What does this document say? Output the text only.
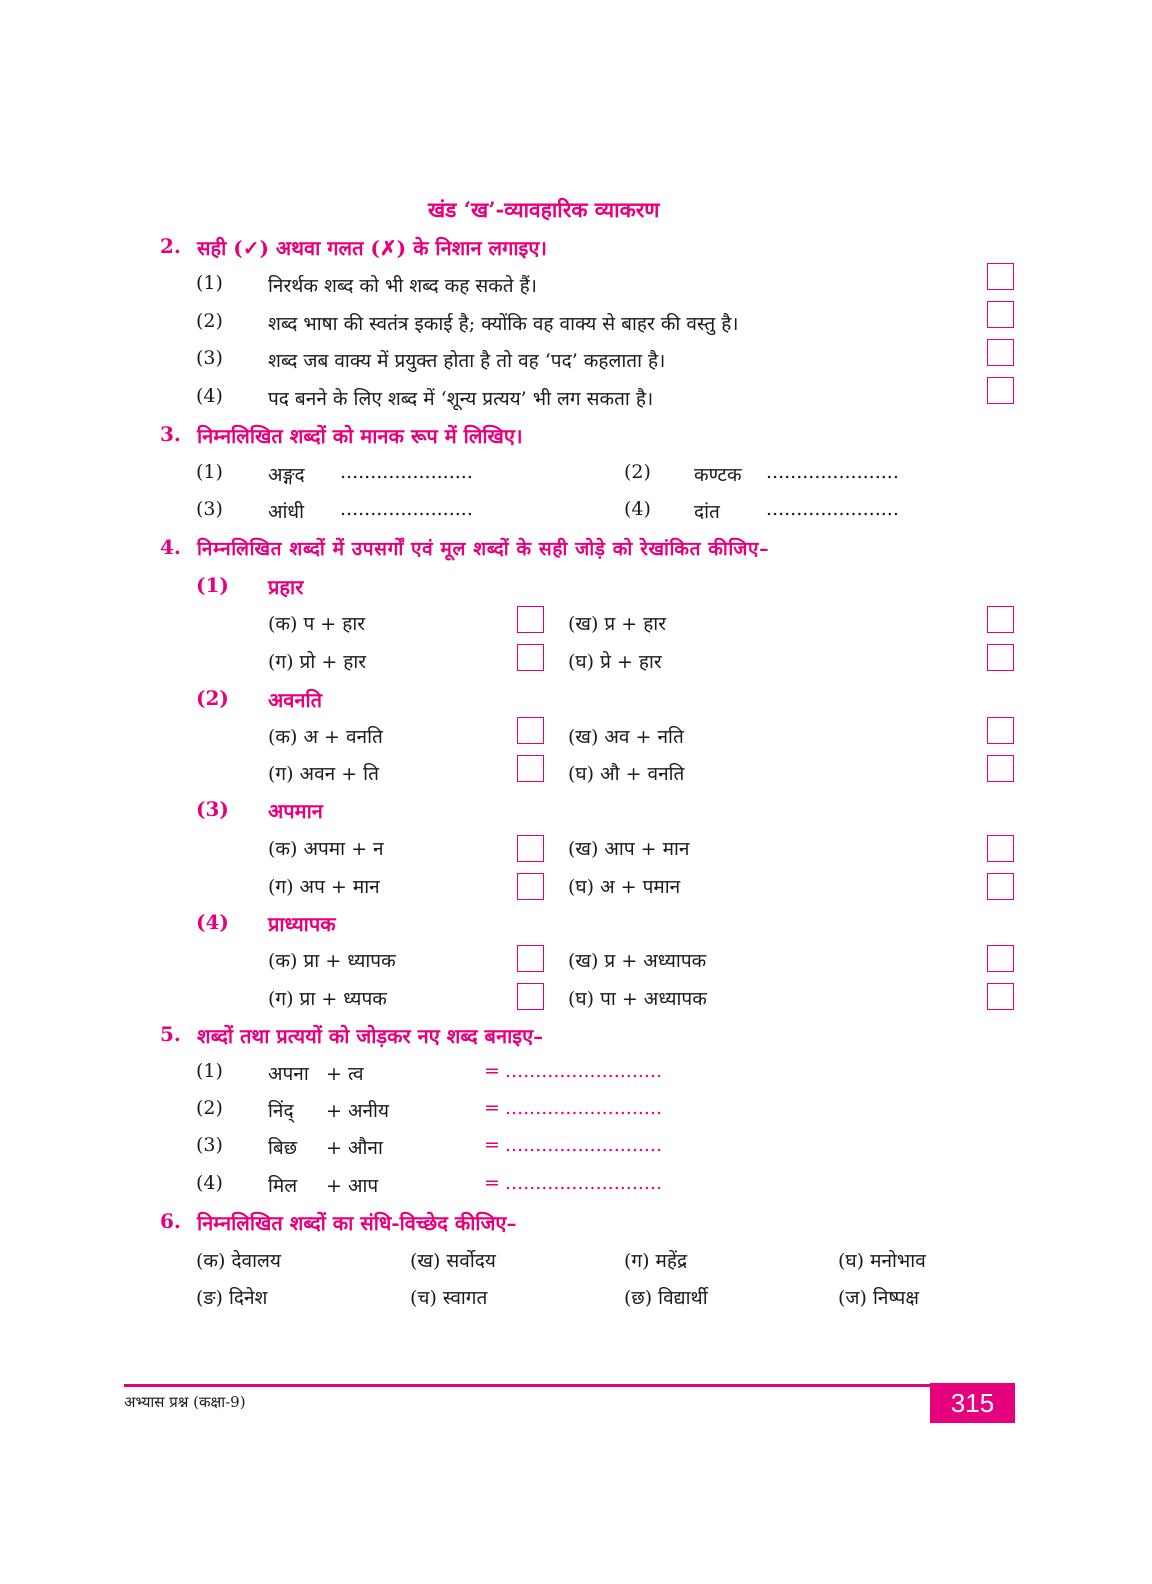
खंड ‘ख’-व्यावहारिक व्याकरण
2. सही (✓) अथवा गलत (✗) के निशान लगाइए।
(1) निरर्थक शब्द को भी शब्द कह सकते हैं।
(2) शब्द भाषा की स्वतंत्र इकाई है; क्योंकि वह वाक्य से बाहर की वस्तु है।
(3) शब्द जब वाक्य में प्रयुक्त होता है तो वह ‘पद’ कहलाता है।
(4) पद बनने के लिए शब्द में ‘शून्य प्रत्यय’ भी लग सकता है।
3. निम्नलिखित शब्दों को मानक रूप में लिखिए।
(1) अङ्गद ......................	(2) कण्टक ......................
(3) आंधी ......................	(4) दांत ......................
4. निम्नलिखित शब्दों में उपसर्गों एवं मूल शब्दों के सही जोड़े को रेखांकित कीजिए–
(1) प्रहार
(क) प + हार	(ख) प्र + हार
(ग) प्रो + हार	(घ) प्रे + हार
(2) अवनति
(क) अ + वनति	(ख) अव + नति
(ग) अवन + ति	(घ) औ + वनति
(3) अपमान
(क) अपमा + न	(ख) आप + मान
(ग) अप + मान	(घ) अ + पमान
(4) प्राध्यापक
(क) प्रा + ध्यापक	(ख) प्र + अध्यापक
(ग) प्रा + ध्यपक	(घ) पा + अध्यापक
5. शब्दों तथा प्रत्ययों को जोड़कर नए शब्द बनाइए–
(1) अपना + त्व	= ..........................
(2) निंद् + अनीय	= ..........................
(3) बिछ + औना	= ..........................
(4) मिल + आप	= ..........................
6. निम्नलिखित शब्दों का संधि-विच्छेद कीजिए–
(क) देवालय	(ख) सर्वोदय	(ग) महेंद्र	(घ) मनोभाव
(ङ) दिनेश	(च) स्वागत	(छ) विद्यार्थी	(ज) निष्पक्ष
अभ्यास प्रश्न (कक्षा-9)	315
